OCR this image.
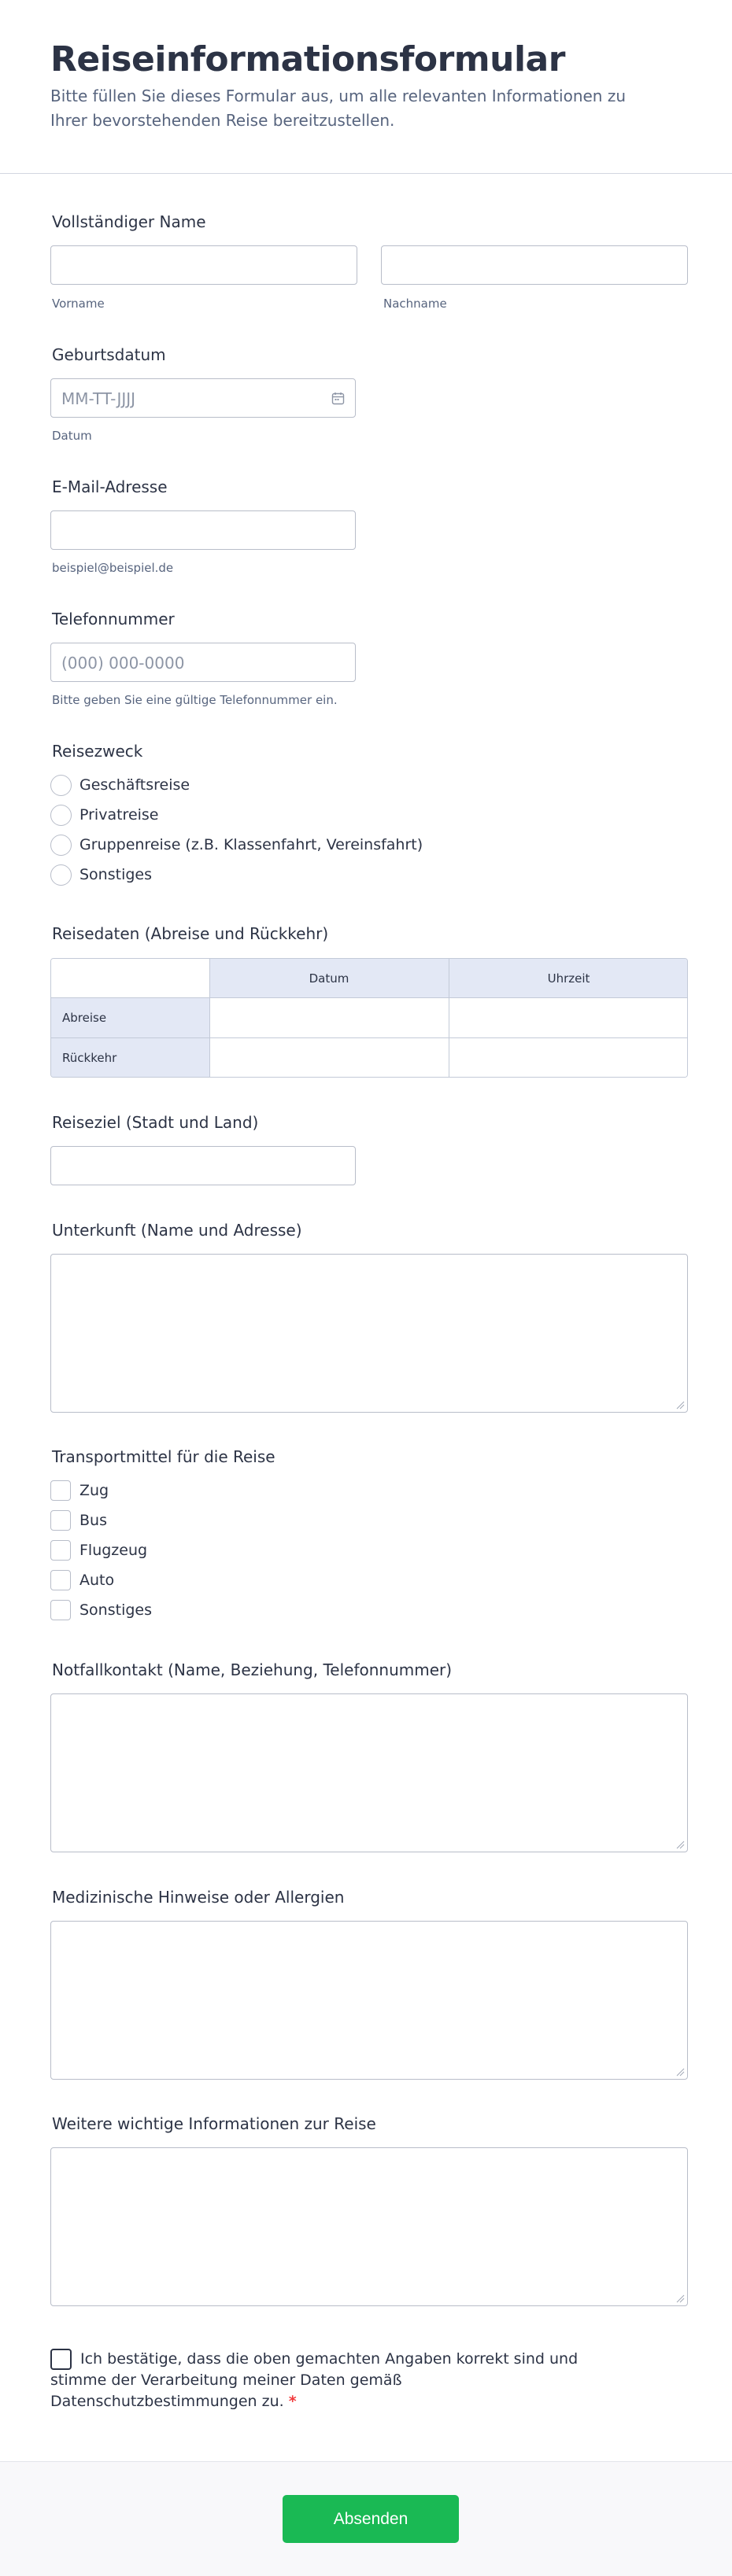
Reiseinformationsformular
Bitte füllen Sie dieses Formular aus, um alle relevanten Informationen zu Ihrer bevorstehenden Reise bereitzustellen.
Vollständiger Name
Vorname	Nachname
Geburtsdatum
MM-TT-JJJJ
Datum
E-Mail-Adresse
beispiel@beispiel.de
Telefonnummer
(000) 000-0000
Bitte geben Sie eine gültige Telefonnummer ein.
Reisezweck
Geschäftsreise
Privatreise
Gruppenreise (z.B. Klassenfahrt, Vereinsfahrt)
Sonstiges
Reisedaten (Abreise und Rückkehr)
Datum	Uhrzeit
Abreise
Rückkehr
Reiseziel (Stadt und Land)
Unterkunft (Name und Adresse)
Transportmittel für die Reise
Zug
Bus
Flugzeug
Auto
Sonstiges
Notfallkontakt (Name, Beziehung, Telefonnummer)
Medizinische Hinweise oder Allergien
Weitere wichtige Informationen zur Reise
Ich bestätige, dass die oben gemachten Angaben korrekt sind und stimme der Verarbeitung meiner Daten gemäß Datenschutzbestimmungen zu. *
Absenden
